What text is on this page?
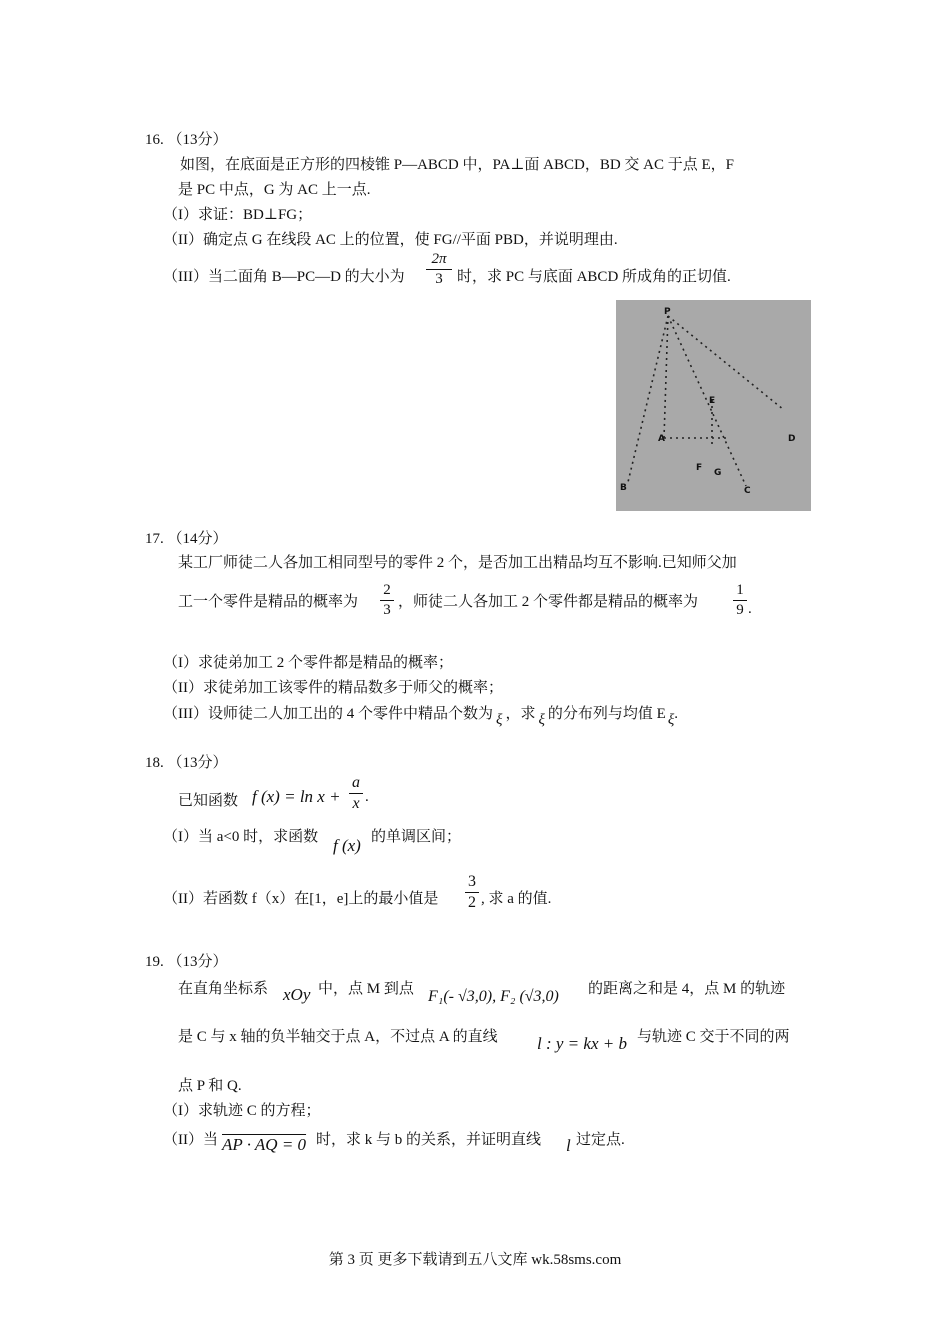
16. （13分）
如图，在底面是正方形的四棱锥 P—ABCD 中，PA⊥面 ABCD，BD 交 AC 于点 E，F
是 PC 中点，G 为 AC 上一点.
（I）求证：BD⊥FG；
（II）确定点 G 在线段 AC 上的位置，使 FG//平面 PBD，并说明理由.
（III）当二面角 B—PC—D 的大小为
2π
3 时，求 PC 与底面 ABCD 所成角的正切值.
P
A
B	C
D
E
F G
17. （14分）
某工厂师徒二人各加工相同型号的零件 2 个，是否加工出精品均互不影响.已知师父加
工一个零件是精品的概率为
2
3 ，师徒二人各加工 2 个零件都是精品的概率为
1
9 .
（I）求徒弟加工 2 个零件都是精品的概率；
（II）求徒弟加工该零件的精品数多于师父的概率；
（III）设师徒二人加工出的 4 个零件中精品个数为 ξ ，求 ξ 的分布列与均值 E ξ.
18. （13分）
已知函数 f (x) = ln x +
a
x .
（I）当 a<0 时，求函数 f (x) 的单调区间；
（II）若函数 f（x）在[1，e]上的最小值是
3
2 , 求 a 的值.
19. （13分）
在直角坐标系 xOy 中，点 M 到点 F₁(- √3,0), F₂ (√3,0) 的距离之和是 4，点 M 的轨迹
是 C 与 x 轴的负半轴交于点 A，不过点 A 的直线 l : y = kx + b 与轨迹 C 交于不同的两
点 P 和 Q.
（I）求轨迹 C 的方程；
（II）当 AP · AQ = 0 时，求 k 与 b 的关系，并证明直线 l 过定点.
第 3 页 更多下载请到五八文库 wk.58sms.com
